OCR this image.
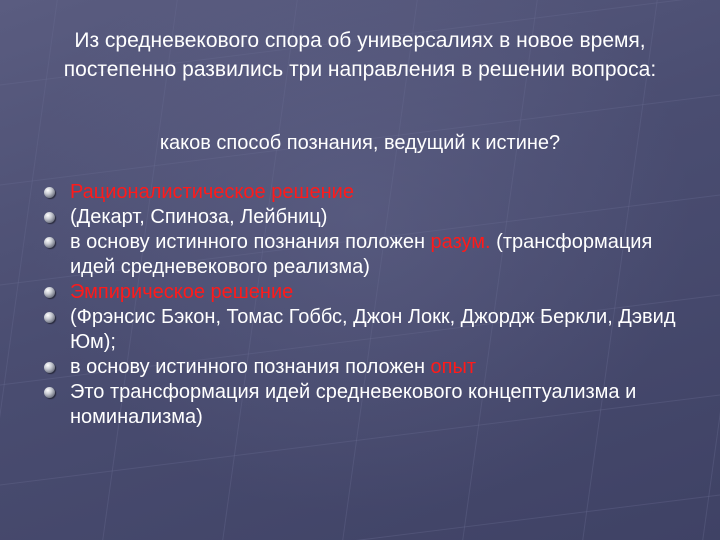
Из средневекового спора об универсалиях в новое время, постепенно развились три направления в решении вопроса:
каков способ познания, ведущий к истине?
Рационалистическое решение
(Декарт, Спиноза, Лейбниц)
в основу истинного познания положен разум. (трансформация идей средневекового реализма)
Эмпирическое решение
(Фрэнсис Бэкон, Томас Гоббс, Джон Локк, Джордж Беркли, Дэвид Юм);
в основу истинного познания положен опыт
Это трансформация идей средневекового концептуализма и номинализма)
